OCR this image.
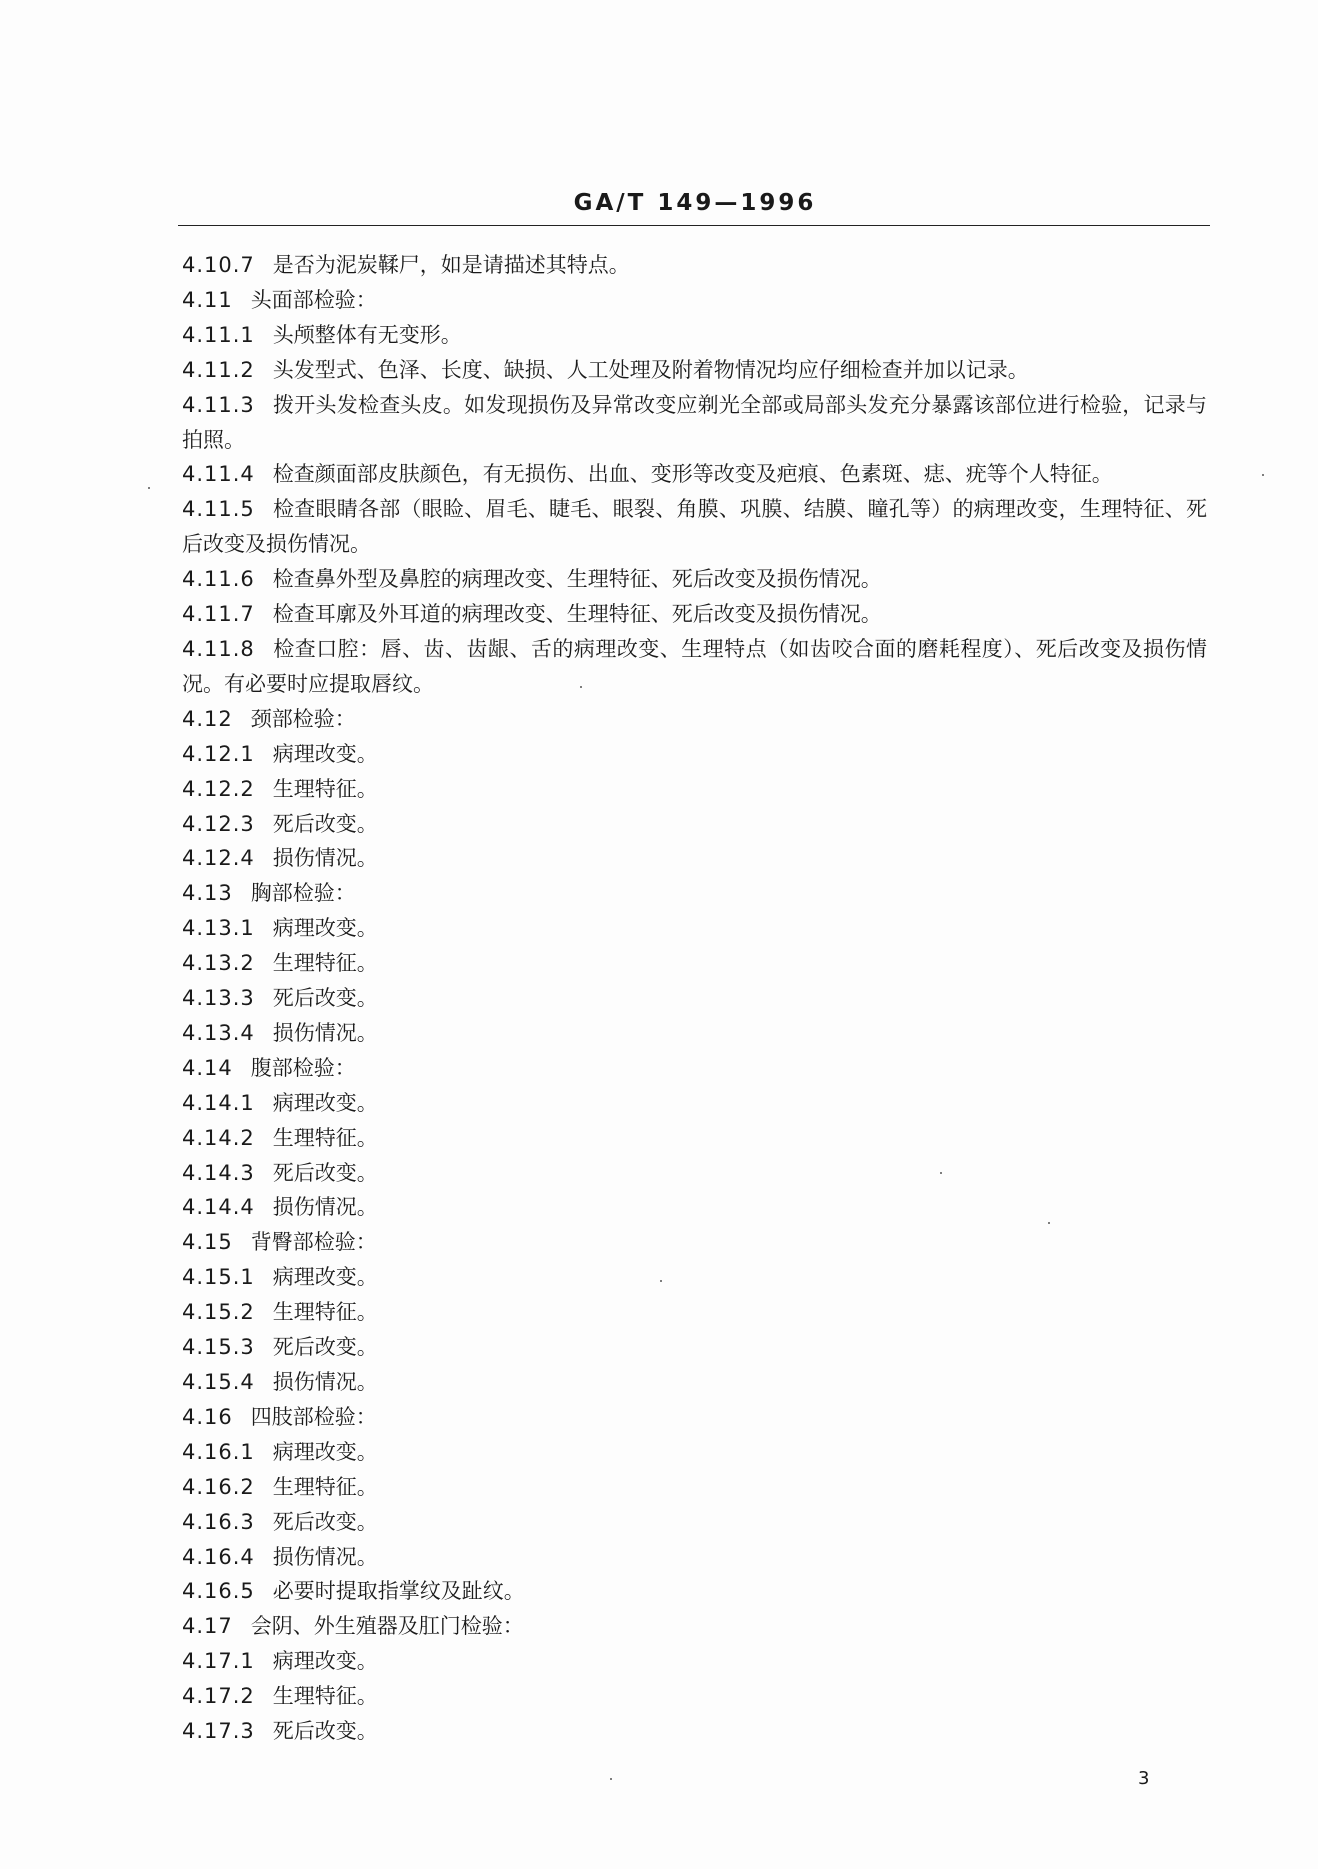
GA/T 149—1996
4.10.7 是否为泥炭鞣尸，如是请描述其特点。
4.11 头面部检验：
4.11.1 头颅整体有无变形。
4.11.2 头发型式、色泽、长度、缺损、人工处理及附着物情况均应仔细检查并加以记录。
4.11.3 拨开头发检查头皮。如发现损伤及异常改变应剃光全部或局部头发充分暴露该部位进行检验，记录与拍照。
4.11.4 检查颜面部皮肤颜色，有无损伤、出血、变形等改变及疤痕、色素斑、痣、疣等个人特征。
4.11.5 检查眼睛各部（眼睑、眉毛、睫毛、眼裂、角膜、巩膜、结膜、瞳孔等）的病理改变，生理特征、死后改变及损伤情况。
4.11.6 检查鼻外型及鼻腔的病理改变、生理特征、死后改变及损伤情况。
4.11.7 检查耳廓及外耳道的病理改变、生理特征、死后改变及损伤情况。
4.11.8 检查口腔：唇、齿、齿龈、舌的病理改变、生理特点（如齿咬合面的磨耗程度）、死后改变及损伤情况。有必要时应提取唇纹。
4.12 颈部检验：
4.12.1 病理改变。
4.12.2 生理特征。
4.12.3 死后改变。
4.12.4 损伤情况。
4.13 胸部检验：
4.13.1 病理改变。
4.13.2 生理特征。
4.13.3 死后改变。
4.13.4 损伤情况。
4.14 腹部检验：
4.14.1 病理改变。
4.14.2 生理特征。
4.14.3 死后改变。
4.14.4 损伤情况。
4.15 背臀部检验：
4.15.1 病理改变。
4.15.2 生理特征。
4.15.3 死后改变。
4.15.4 损伤情况。
4.16 四肢部检验：
4.16.1 病理改变。
4.16.2 生理特征。
4.16.3 死后改变。
4.16.4 损伤情况。
4.16.5 必要时提取指掌纹及趾纹。
4.17 会阴、外生殖器及肛门检验：
4.17.1 病理改变。
4.17.2 生理特征。
4.17.3 死后改变。
3
